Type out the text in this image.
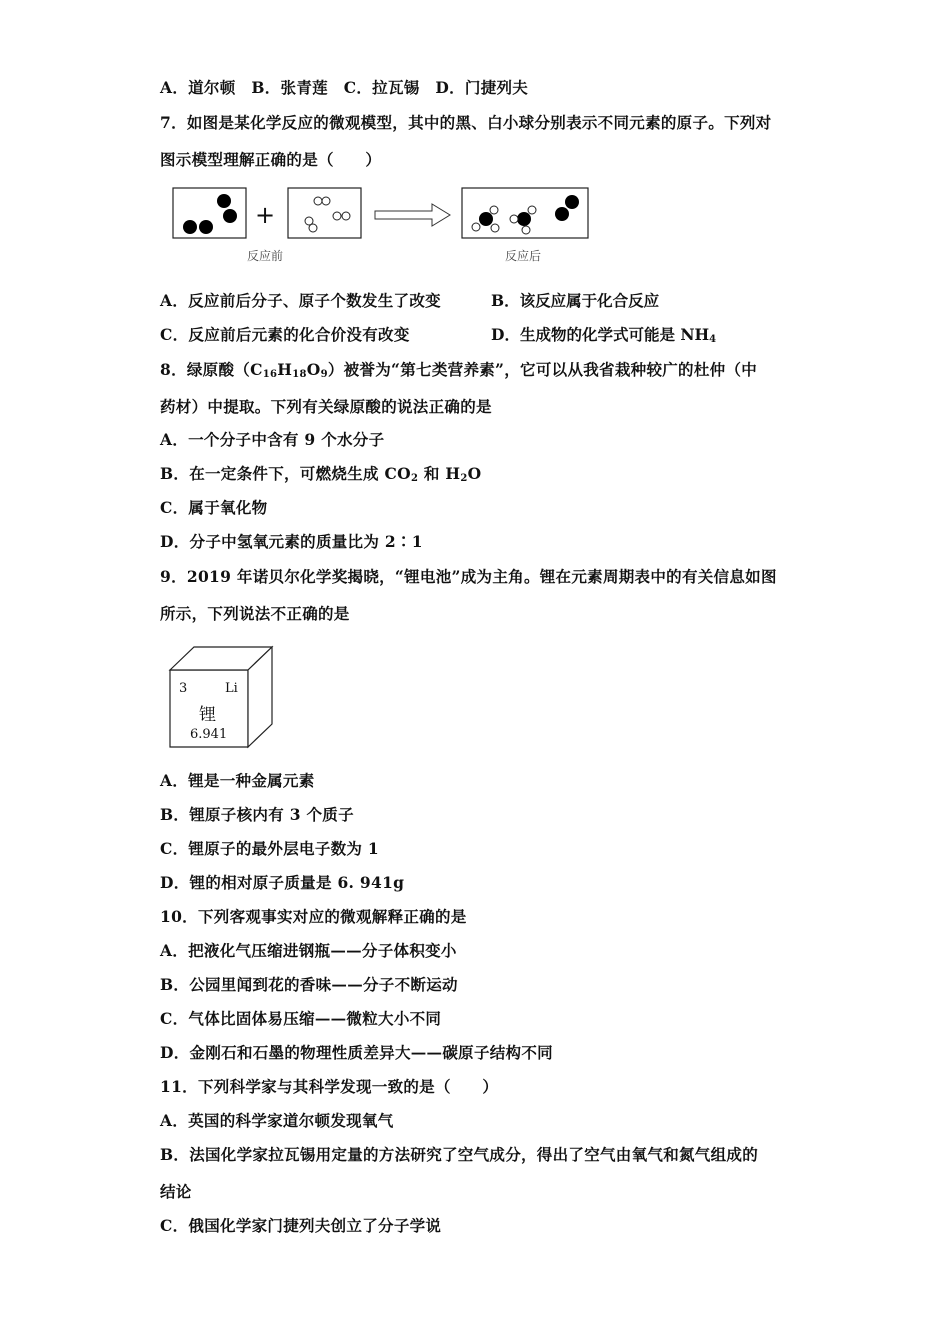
A．道尔顿　B．张青莲　C．拉瓦锡　D．门捷列夫
7．如图是某化学反应的微观模型，其中的黑、白小球分别表示不同元素的原子。下列对
图示模型理解正确的是（　　）
+
反应前	反应后
A．反应前后分子、原子个数发生了改变	B．该反应属于化合反应
C．反应前后元素的化合价没有改变	D．生成物的化学式可能是 $NH_4$
8．绿原酸$(C_{16}H_{18}O_9)$被誉为“第七类营养素”，它可以从我省栽种较广的杜仲（中
药材）中提取。下列有关绿原酸的说法正确的是
A．一个分子中含有 9 个水分子
B．在一定条件下，可燃烧生成 $CO_2$ 和 $H_2O$
C．属于氧化物
D．分子中氢氧元素的质量比为 2∶1
9．2019 年诺贝尔化学奖揭晓，“锂电池”成为主角。锂在元素周期表中的有关信息如图
所示，下列说法不正确的是
3	Li
锂
6.941
A．锂是一种金属元素
B．锂原子核内有 3 个质子
C．锂原子的最外层电子数为 1
D．锂的相对原子质量是 6. 941g
10．下列客观事实对应的微观解释正确的是
A．把液化气压缩进钢瓶——分子体积变小
B．公园里闻到花的香味——分子不断运动
C．气体比固体易压缩——微粒大小不同
D．金刚石和石墨的物理性质差异大——碳原子结构不同
11．下列科学家与其科学发现一致的是（　　）
A．英国的科学家道尔顿发现氧气
B．法国化学家拉瓦锡用定量的方法研究了空气成分，得出了空气由氧气和氮气组成的
结论
C．俄国化学家门捷列夫创立了分子学说
